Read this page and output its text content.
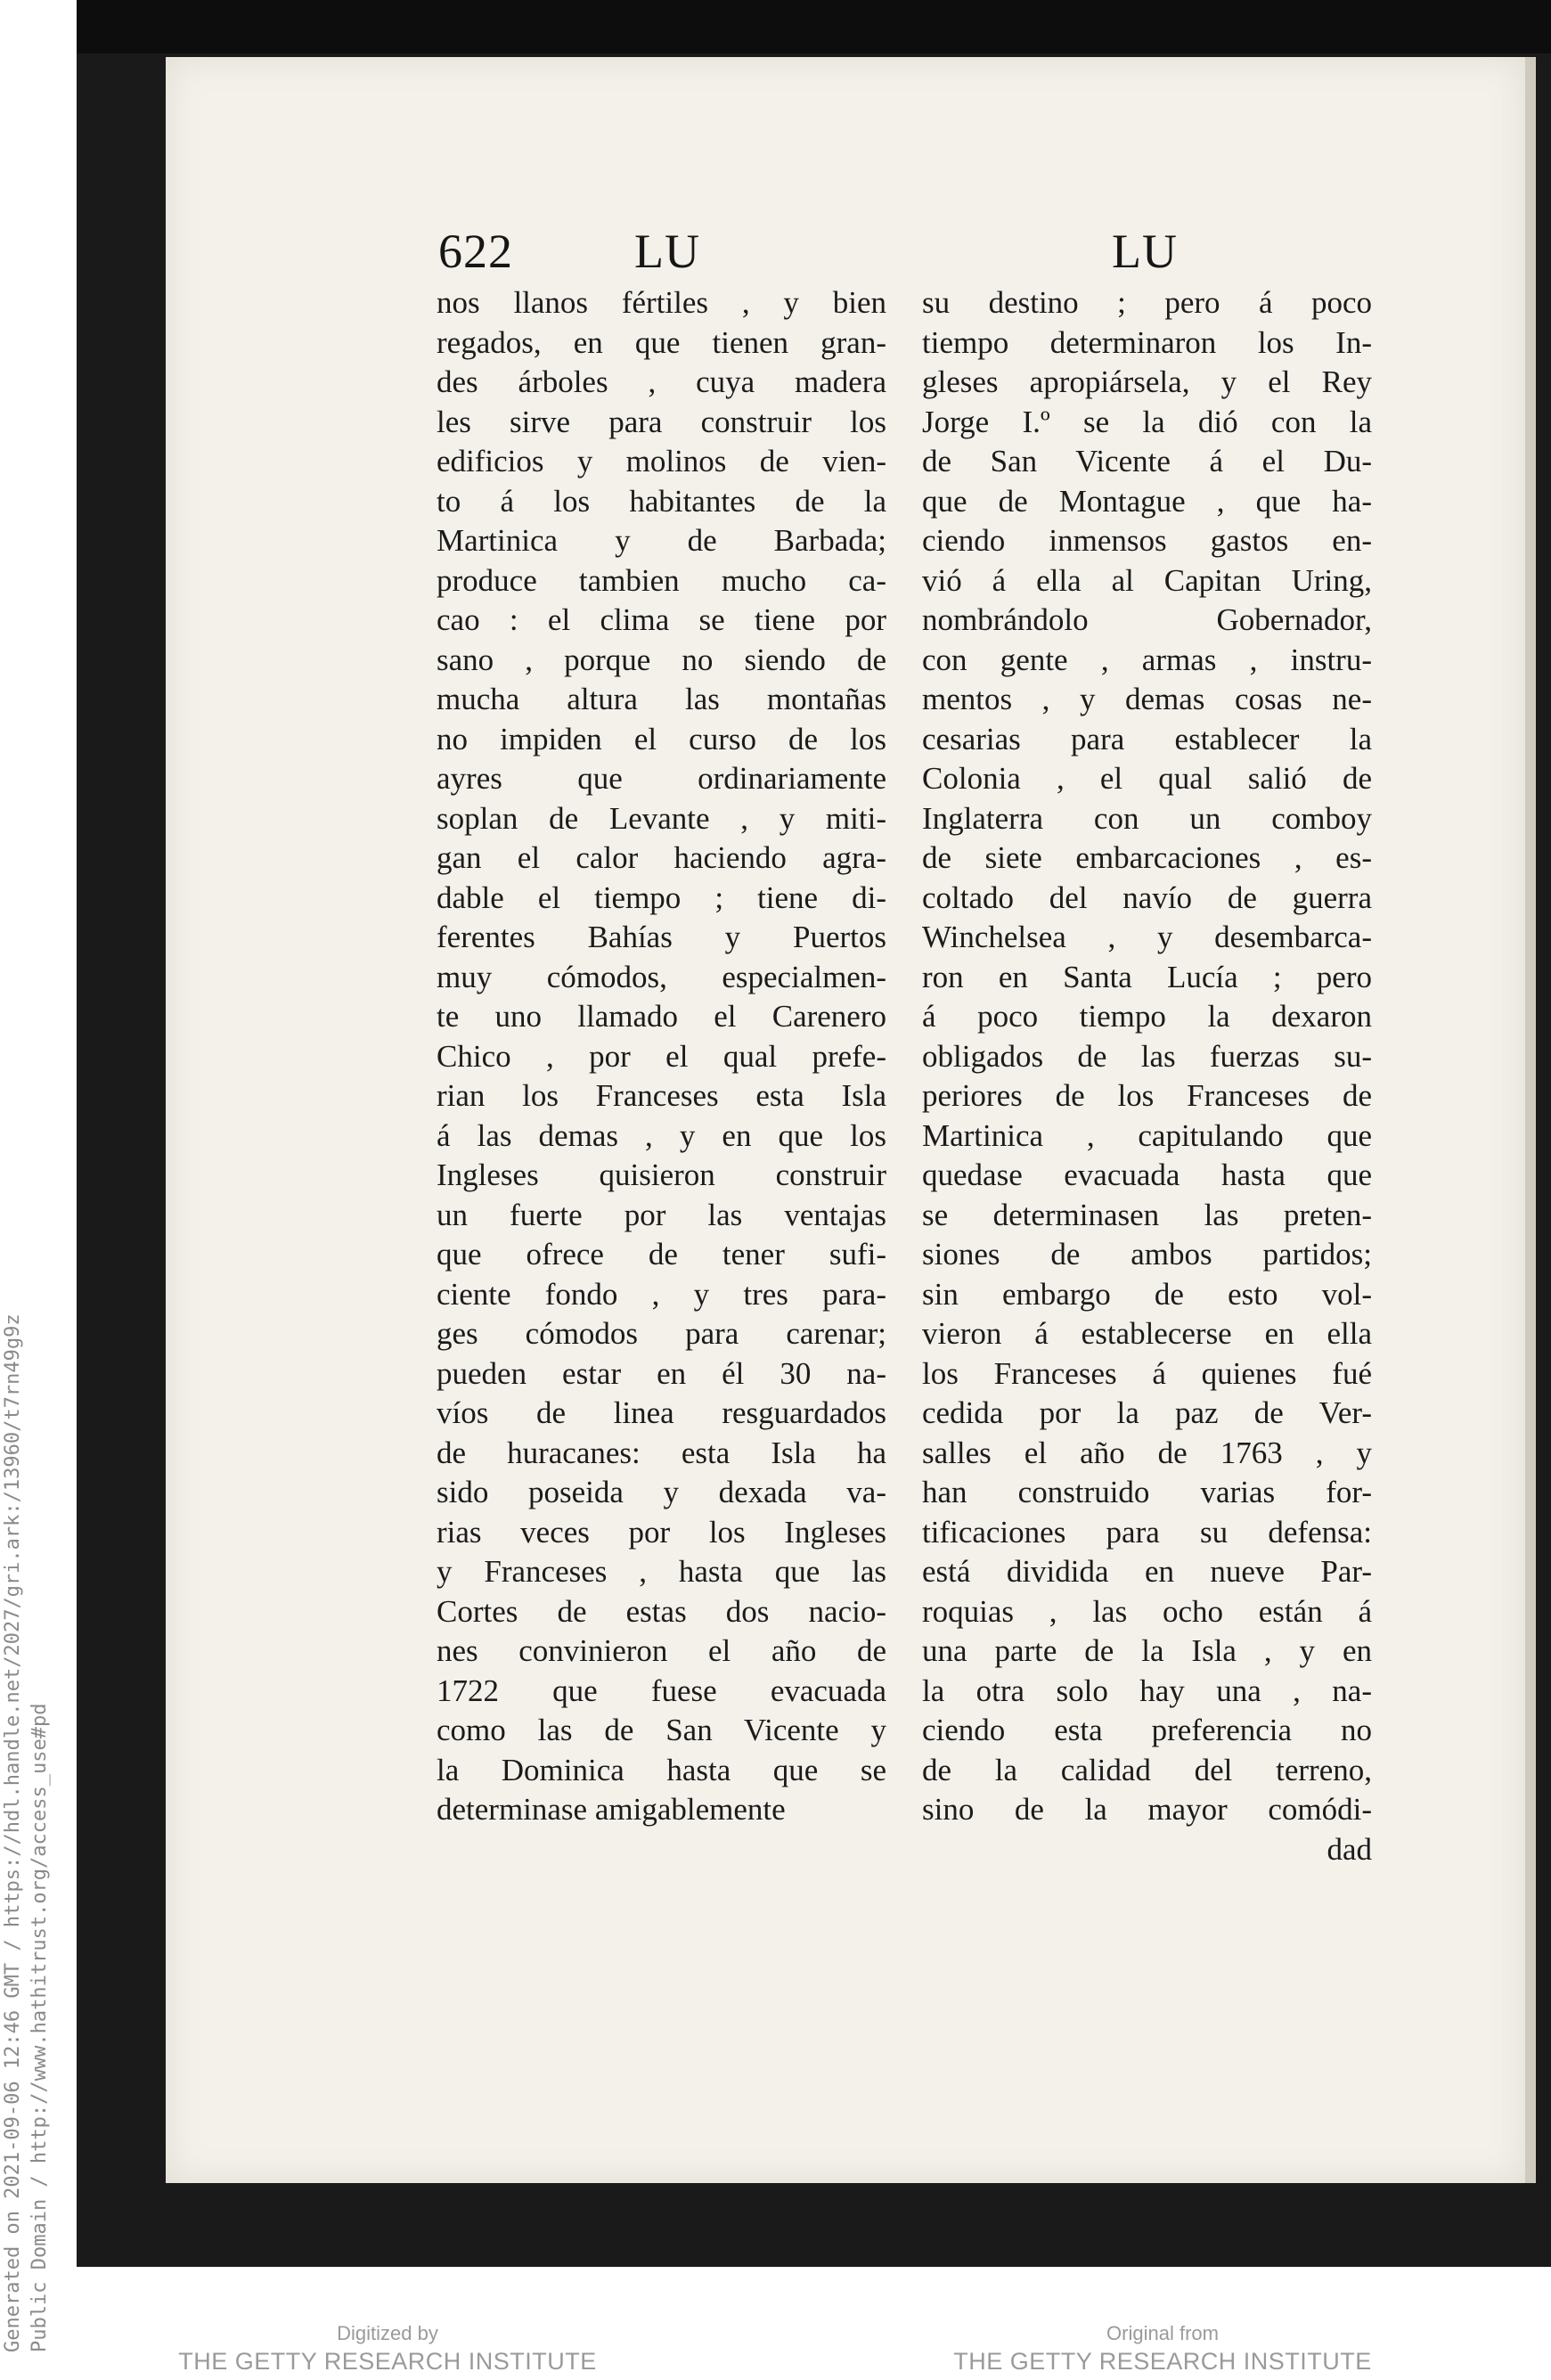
622	LU	LU
nos llanos fértiles , y bien
regados, en que tienen gran-
des árboles , cuya madera
les sirve para construir los
edificios y molinos de vien-
to á los habitantes de la
Martinica y de Barbada;
produce tambien mucho ca-
cao : el clima se tiene por
sano , porque no siendo de
mucha altura las montañas
no impiden el curso de los
ayres que ordinariamente
soplan de Levante , y miti-
gan el calor haciendo agra-
dable el tiempo ; tiene di-
ferentes Bahías y Puertos
muy cómodos, especialmen-
te uno llamado el Carenero
Chico , por el qual prefe-
rian los Franceses esta Isla
á las demas , y en que los
Ingleses quisieron construir
un fuerte por las ventajas
que ofrece de tener sufi-
ciente fondo , y tres para-
ges cómodos para carenar;
pueden estar en él 30 na-
víos de linea resguardados
de huracanes: esta Isla ha
sido poseida y dexada va-
rias veces por los Ingleses
y Franceses , hasta que las
Cortes de estas dos nacio-
nes convinieron el año de
1722 que fuese evacuada
como las de San Vicente y
la Dominica hasta que se
determinase amigablemente
su destino ; pero á poco
tiempo determinaron los In-
gleses apropiársela, y el Rey
Jorge I.º se la dió con la
de San Vicente á el Du-
que de Montague , que ha-
ciendo inmensos gastos en-
vió á ella al Capitan Uring,
nombrándolo Gobernador,
con gente , armas , instru-
mentos , y demas cosas ne-
cesarias para establecer la
Colonia , el qual salió de
Inglaterra con un comboy
de siete embarcaciones , es-
coltado del navío de guerra
Winchelsea , y desembarca-
ron en Santa Lucía ; pero
á poco tiempo la dexaron
obligados de las fuerzas su-
periores de los Franceses de
Martinica , capitulando que
quedase evacuada hasta que
se determinasen las preten-
siones de ambos partidos;
sin embargo de esto vol-
vieron á establecerse en ella
los Franceses á quienes fué
cedida por la paz de Ver-
salles el año de 1763 , y
han construido varias for-
tificaciones para su defensa:
está dividida en nueve Par-
roquias , las ocho están á
una parte de la Isla , y en
la otra solo hay una , na-
ciendo esta preferencia no
de la calidad del terreno,
sino de la mayor comódi-
dad
Generated on 2021-09-06 12:46 GMT / https://hdl.handle.net/2027/gri.ark:/13960/t7rn49g9z Public Domain / http://www.hathitrust.org/access_use#pd	Digitized by
THE GETTY RESEARCH INSTITUTE
Original from
THE GETTY RESEARCH INSTITUTE
